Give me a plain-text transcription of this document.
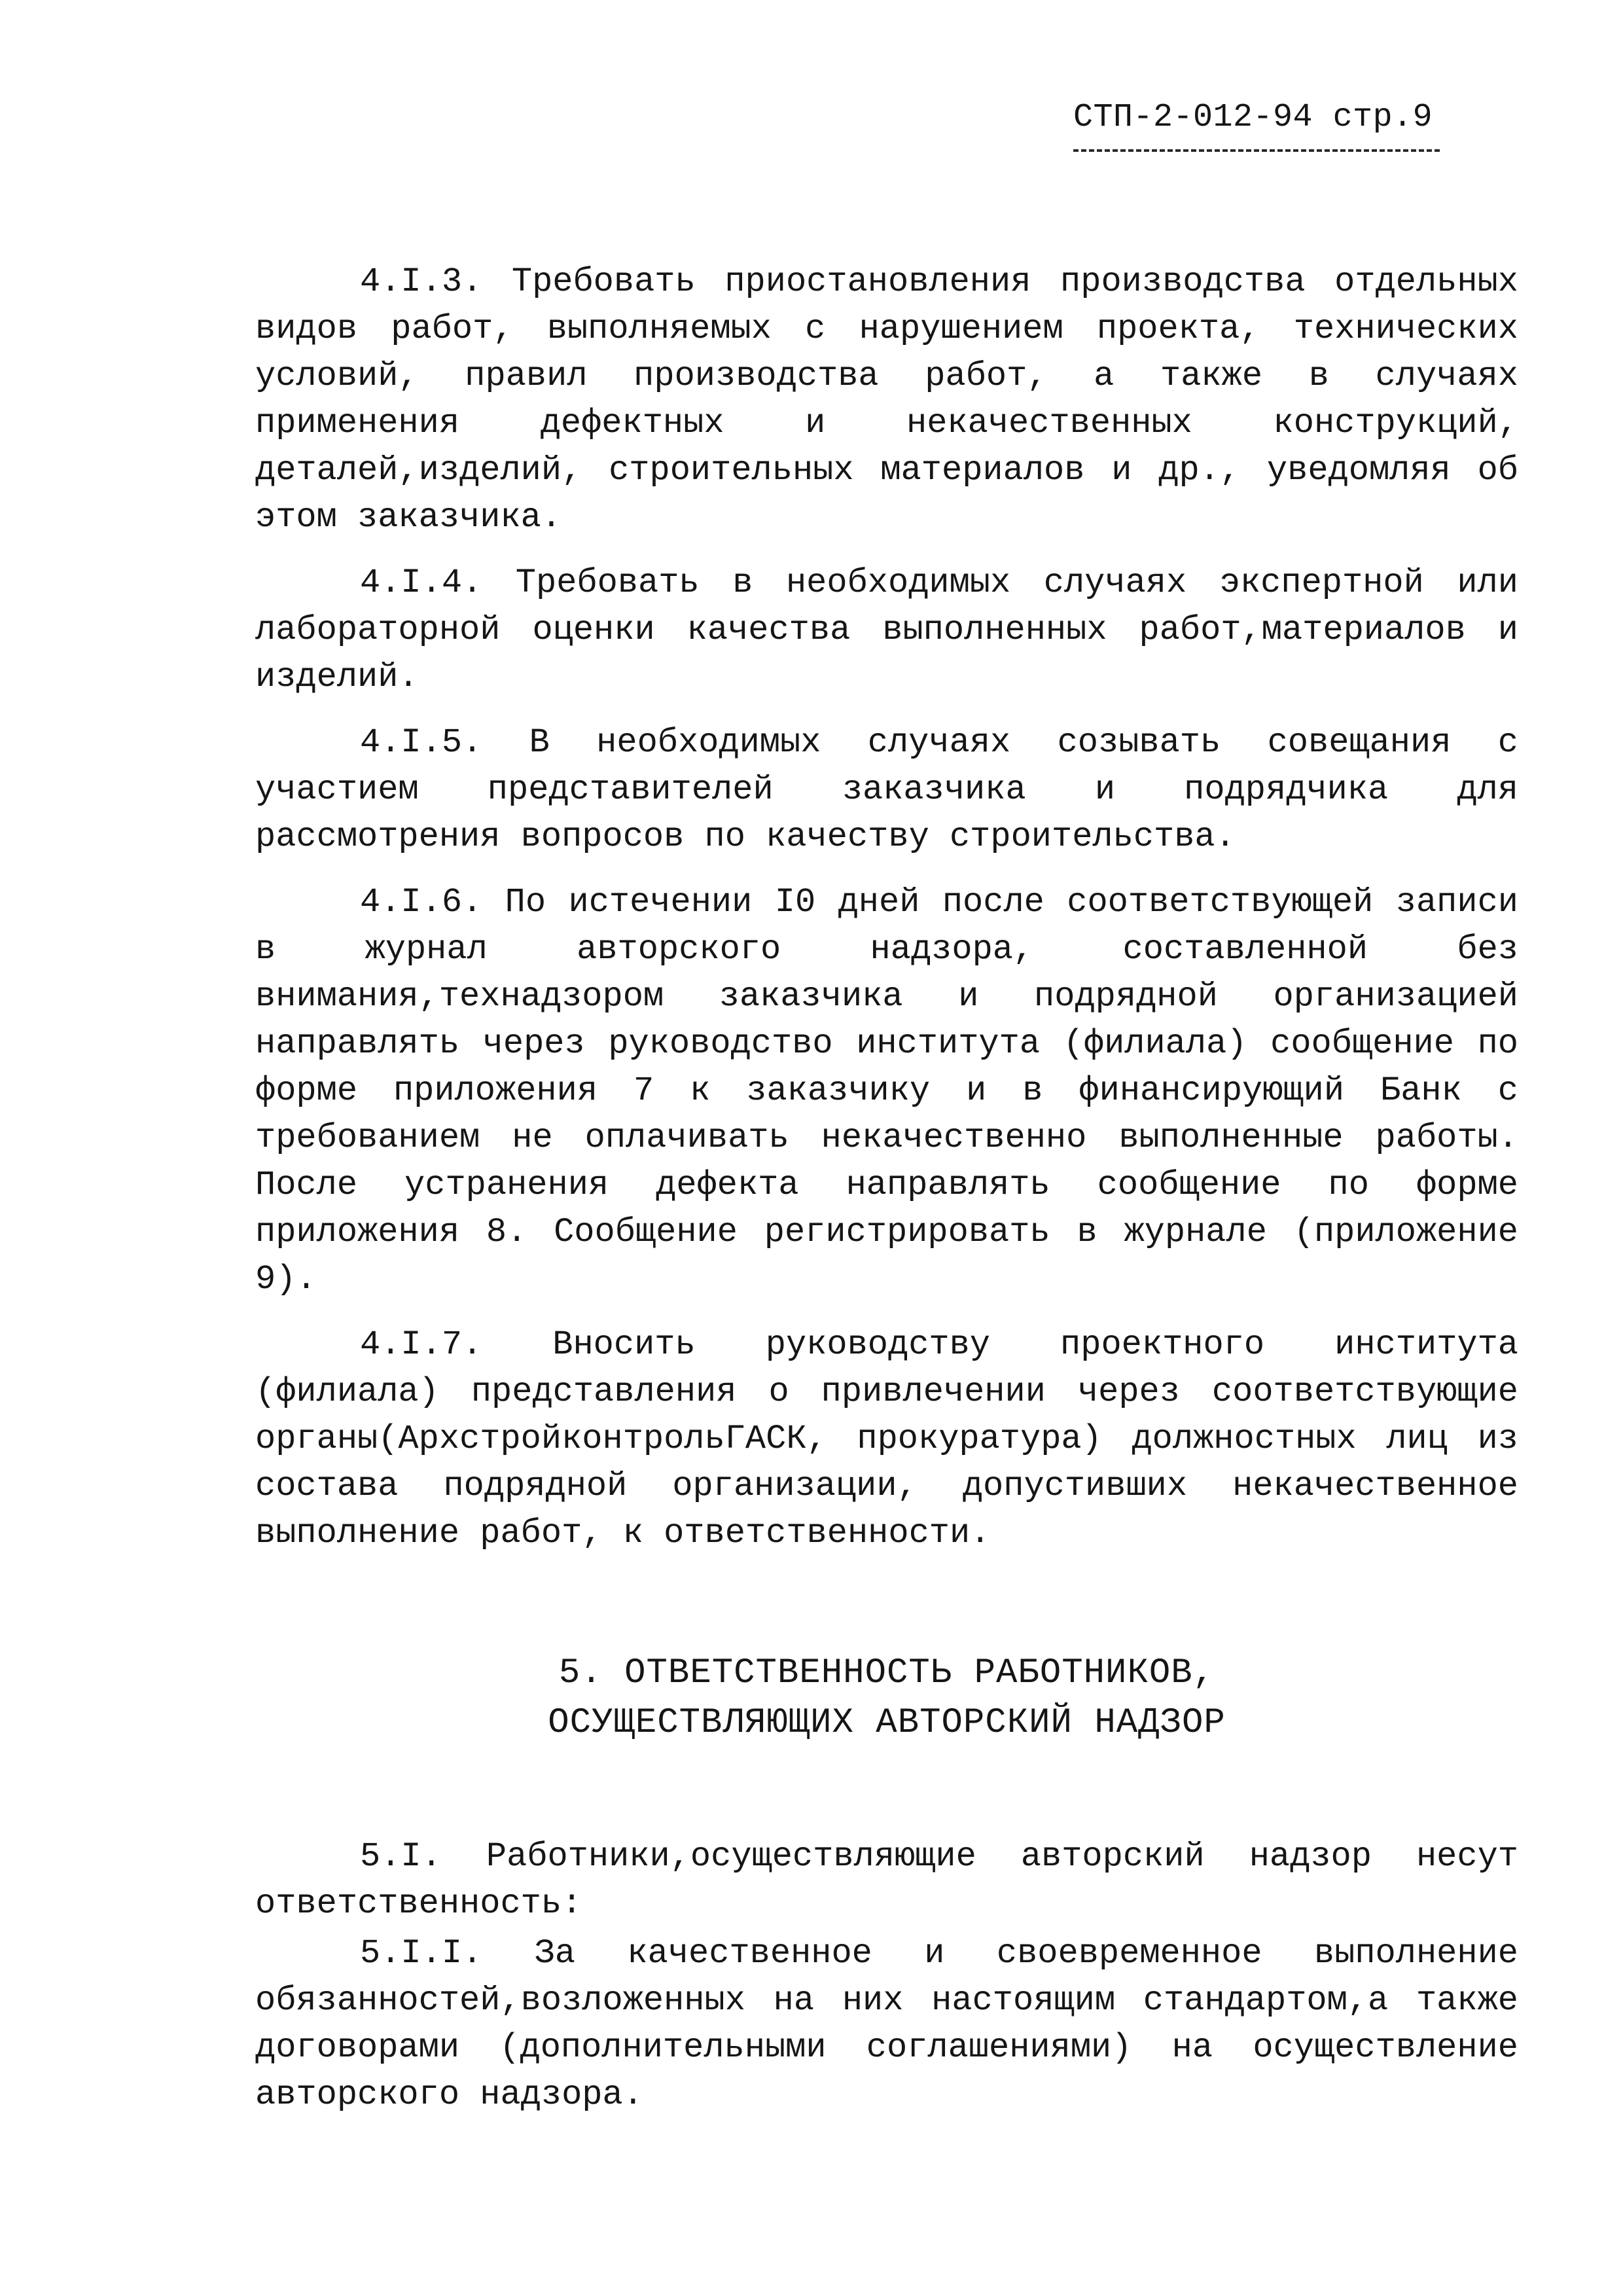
СТП-2-012-94 стр.9

4.I.3. Требовать приостановления производства отдельных видов работ, выполняемых с нарушением проекта, технических условий, правил производства работ, а также в случаях применения дефектных и некачественных конструкций, деталей,изделий, строительных материалов и др., уведомляя об этом заказчика.

4.I.4. Требовать в необходимых случаях экспертной или лабораторной оценки качества выполненных работ,материалов и изделий.

4.I.5. В необходимых случаях созывать совещания с участием представителей заказчика и подрядчика для рассмотрения вопросов по качеству строительства.

4.I.6. По истечении I0 дней после соответствующей записи в журнал авторского надзора, составленной без внимания,технадзором заказчика и подрядной организацией направлять через руководство института (филиала) сообщение по форме приложения 7 к заказчику и в финансирующий Банк с требованием не оплачивать некачественно выполненные работы. После устранения дефекта направлять сообщение по форме приложения 8. Сообщение регистрировать в журнале (приложение 9).

4.I.7. Вносить руководству проектного института (филиала) представления о привлечении через соответствующие органы(АрхстройконтрольГАСК, прокуратура) должностных лиц из состава подрядной организации, допустивших некачественное выполнение работ, к ответственности.

5. ОТВЕТСТВЕННОСТЬ РАБОТНИКОВ,
ОСУЩЕСТВЛЯЮЩИХ АВТОРСКИЙ НАДЗОР

5.I. Работники,осуществляющие авторский надзор несут ответственность:

5.I.I. За качественное и своевременное выполнение обязанностей,возложенных на них настоящим стандартом,а также договорами (дополнительными соглашениями) на осуществление авторского надзора.
